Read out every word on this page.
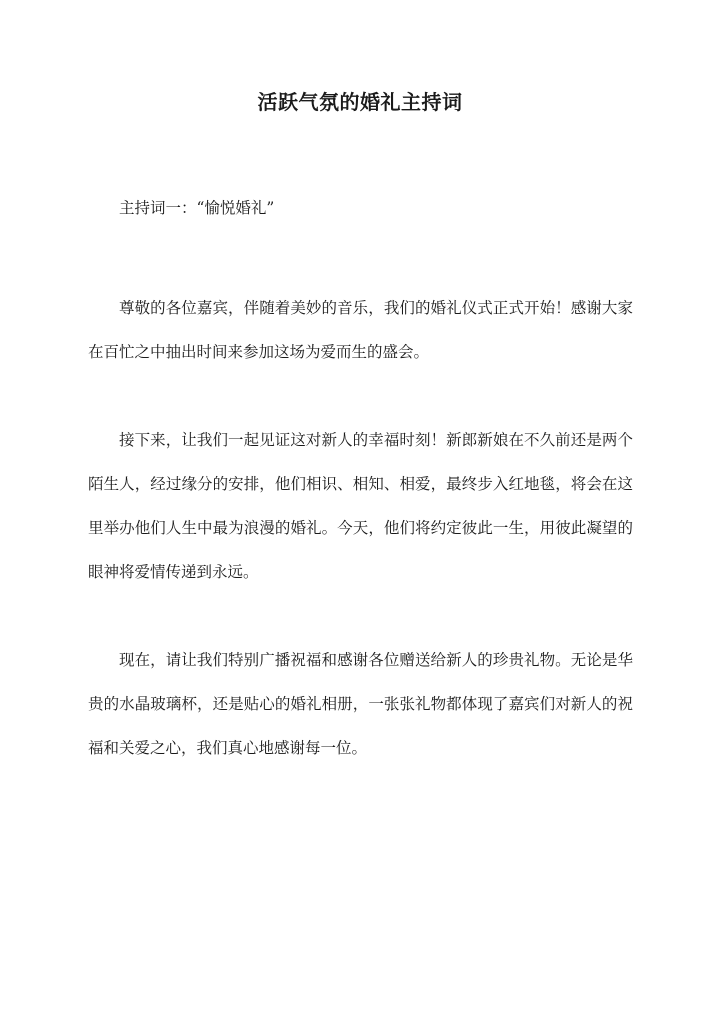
活跃气氛的婚礼主持词

主持词一：“愉悦婚礼”

尊敬的各位嘉宾，伴随着美妙的音乐，我们的婚礼仪式正式开始！感谢大家在百忙之中抽出时间来参加这场为爱而生的盛会。

接下来，让我们一起见证这对新人的幸福时刻！新郎新娘在不久前还是两个陌生人，经过缘分的安排，他们相识、相知、相爱，最终步入红地毯，将会在这里举办他们人生中最为浪漫的婚礼。今天，他们将约定彼此一生，用彼此凝望的眼神将爱情传递到永远。

现在，请让我们特别广播祝福和感谢各位赠送给新人的珍贵礼物。无论是华贵的水晶玻璃杯，还是贴心的婚礼相册，一张张礼物都体现了嘉宾们对新人的祝福和关爱之心，我们真心地感谢每一位。
